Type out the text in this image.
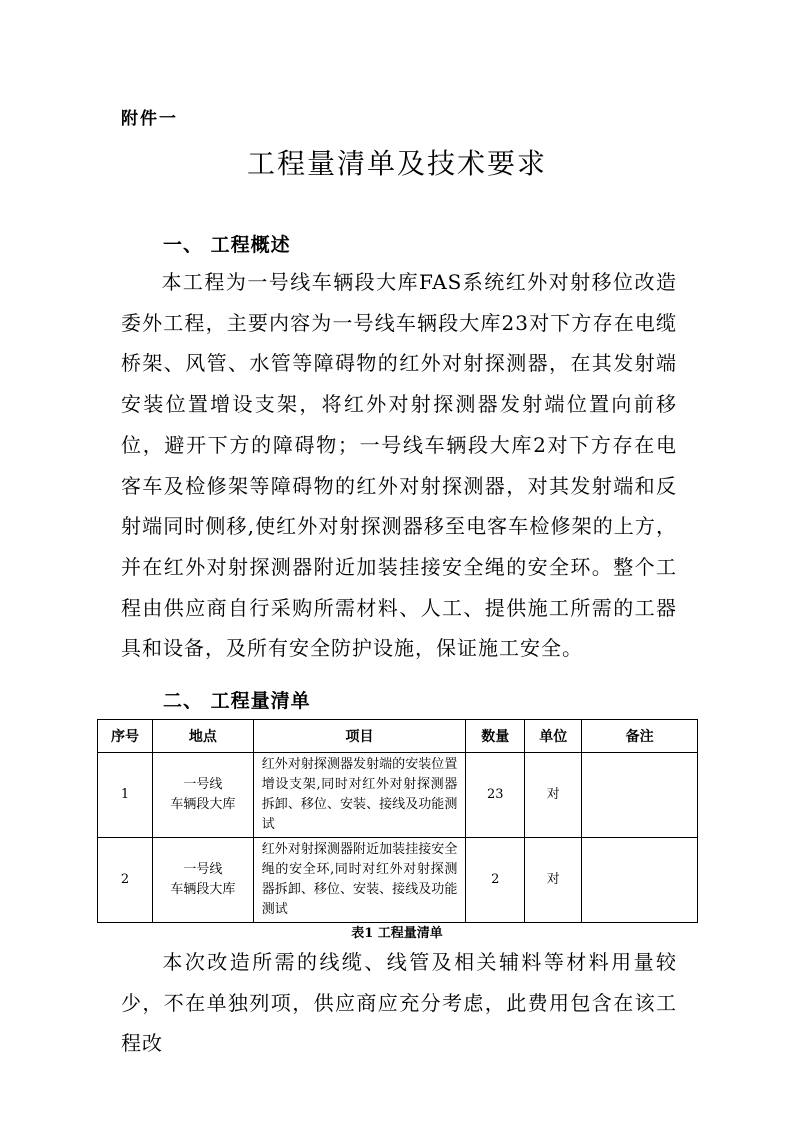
附件一
工程量清单及技术要求
一、 工程概述

本工程为一号线车辆段大库FAS系统红外对射移位改造委外工程，主要内容为一号线车辆段大库23对下方存在电缆桥架、风管、水管等障碍物的红外对射探测器，在其发射端安装位置增设支架，将红外对射探测器发射端位置向前移位，避开下方的障碍物；一号线车辆段大库2对下方存在电客车及检修架等障碍物的红外对射探测器，对其发射端和反射端同时侧移,使红外对射探测器移至电客车检修架的上方，并在红外对射探测器附近加装挂接安全绳的安全环。整个工程由供应商自行采购所需材料、人工、提供施工所需的工器具和设备，及所有安全防护设施，保证施工安全。

二、 工程量清单
序号	地点	项目	数量	单位	备注
1	一号线
车辆段大库	红外对射探测器发射端的安装位置增设支架,同时对红外对射探测器拆卸、移位、安装、接线及功能测试	23	对	
2	一号线
车辆段大库	红外对射探测器附近加装挂接安全绳的安全环,同时对红外对射探测器拆卸、移位、安装、接线及功能测试	2	对	
表1 工程量清单

本次改造所需的线缆、线管及相关辅料等材料用量较少，不在单独列项，供应商应充分考虑，此费用包含在该工程改
